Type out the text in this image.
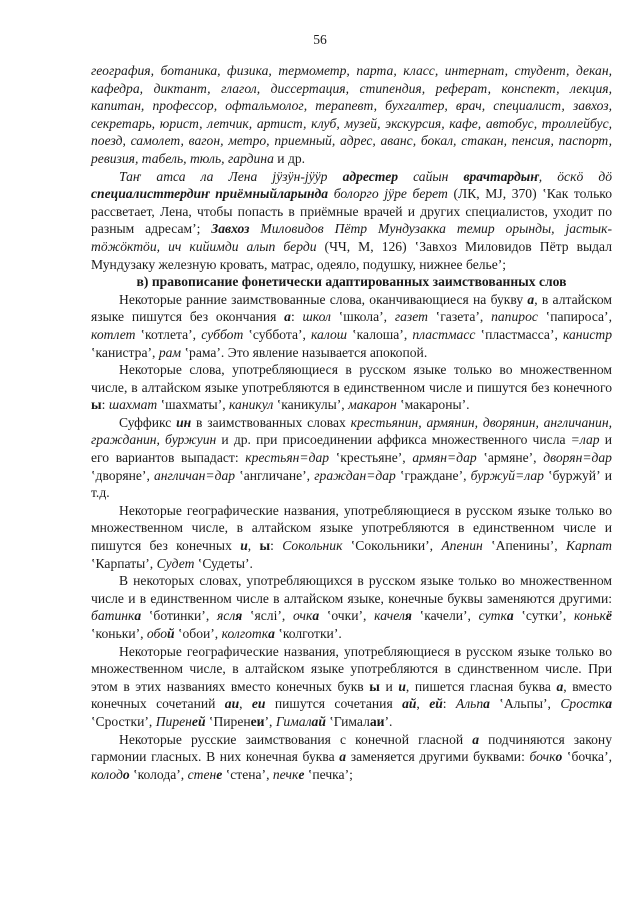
56

география, ботаника, физика, термометр, парта, класс, интернат, студент, декан, кафедра, диктант, глагол, диссертация, стипендия, реферат, конспект, лекция, капитан, профессор, офтальмолог, терапевт, бухгалтер, врач, специалист, завхоз, секретарь, юрист, летчик, артист, клуб, музей, экскурсия, кафе, автобус, троллейбус, поезд, самолет, вагон, метро, приемный, адрес, аванс, бокал, стакан, пенсия, паспорт, ревизия, табель, тюль, гардина и др.

Таҥ атса ла Лена јӱзӱн-јӱӱр адрестер сайын врачтардыҥ, ӧскӧ дӧ специалисттердиҥ приёмныйларында болорго јӱре берет (ЛК, МЈ, 370) ʽКак только рассветает, Лена, чтобы попасть в приёмные врачей и других специалистов, уходит по разным адресамʼ; Завхоз Миловидов Пётр Мундузакка темир орынды, јастык-тӧжӧктӧи, ич кийимди алып берди (ЧЧ, М, 126) ʽЗавхоз Миловидов Пётр выдал Мундузаку железную кровать, матрас, одеяло, подушку, нижнее бельеʼ;

в) правописание фонетически адаптированных заимствованных слов

Некоторые ранние заимствованные слова, оканчивающиеся на букву а, в алтайском языке пишутся без окончания а: школ ʽшколаʼ, газет ʽгазетаʼ, папирос ʽпапиросаʼ, котлет ʽкотлетаʼ, суббот ʽсубботаʼ, калош ʽкалошаʼ, пластмасс ʽпластмассаʼ, канистр ʽканистраʼ, рам ʽрамаʼ. Это явление называется апокопой.

Некоторые слова, употребляющиеся в русском языке только во множественном числе, в алтайском языке употребляются в единственном числе и пишутся без конечного ы: шахмат ʽшахматыʼ, каникул ʽканикулыʼ, макарон ʽмакароныʼ.

Суффикс ин в заимствованных словах крестьянин, армянин, дворянин, англичанин, гражданин, буржуин и др. при присоединении аффикса множественного числа =лар и его вариантов выпадаст: крестьян=дар ʽкрестьянеʼ, армян=дар ʽармянеʼ, дворян=дар ʽдворянеʼ, англичан=дар ʽангличанеʼ, граждан=дар ʽгражданеʼ, буржуй=лар ʽбуржуйʼ и т.д.

Некоторые географические названия, употребляющиеся в русском языке только во множественном числе, в алтайском языке употребляются в единственном числе и пишутся без конечных и, ы: Сокольник ʽСокольникиʼ, Апенин ʽАпениныʼ, Карпат ʽКарпатыʼ, Судет ʽСудетыʼ.

В некоторых словах, употребляющихся в русском языке только во множественном числе и в единственном числе в алтайском языке, конечные буквы заменяются другими: батинка ʽботинкиʼ, ясля ʽясліʼ, очка ʽочкиʼ, качеля ʽкачелиʼ, сутка ʽсуткиʼ, конькё ʽконькиʼ, обой ʽобоиʼ, колготка ʽколготкиʼ.

Некоторые географические названия, употребляющиеся в русском языке только во множественном числе, в алтайском языке употребляются в сдинственном числе. При этом в этих названиях вместо конечных букв ы и и, пишется гласная буква а, вместо конечных сочетаний аи, еи пишутся сочетания ай, ей: Альпа ʽАльпыʼ, Сростка ʽСросткиʼ, Пиреней ʽПиренеиʼ, Гималай ʽГималаиʼ.

Некоторые русские заимствования с конечной гласной а подчиняются закону гармонии гласных. В них конечная буква а заменяется другими буквами: бочко ʽбочкаʼ, колодо ʽколодаʼ, стене ʽстенаʼ, печке ʽпечкаʼ;
